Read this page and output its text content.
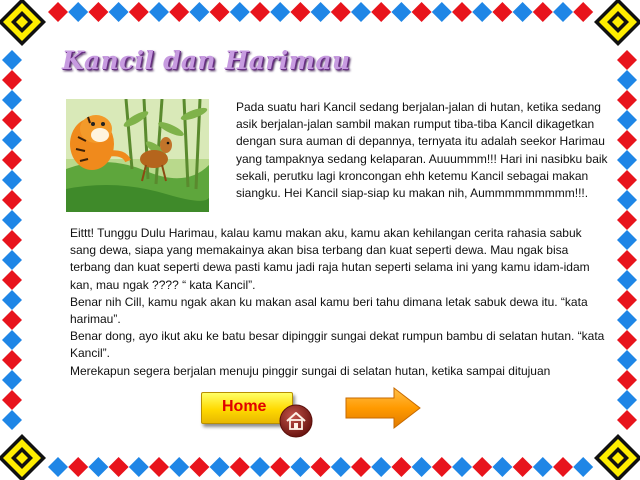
Kancil dan Harimau

Pada suatu hari Kancil sedang berjalan-jalan di hutan, ketika sedang asik berjalan-jalan sambil makan rumput tiba-tiba Kancil dikagetkan dengan sura auman di depannya, ternyata itu adalah seekor Harimau yang tampaknya sedang kelaparan. Auuummm!!! Hari ini nasibku baik sekali, perutku lagi kroncongan ehh ketemu Kancil sebagai makan siangku. Hei Kancil siap-siap ku makan nih, Aummmmmmmmm!!!.

Eittt! Tunggu Dulu Harimau, kalau kamu makan aku, kamu akan kehilangan cerita rahasia sabuk sang dewa, siapa yang memakainya akan bisa terbang dan kuat seperti dewa. Mau ngak bisa terbang dan kuat seperti dewa pasti kamu jadi raja hutan seperti selama ini yang kamu idam-idam kan, mau ngak ???? “ kata Kancil”.

Benar nih Cill, kamu ngak akan ku makan asal kamu beri tahu dimana letak sabuk dewa itu. “kata harimau”.

Benar dong, ayo ikut aku ke batu besar dipinggir sungai dekat rumpun bambu di selatan hutan. “kata Kancil”.

Merekapun segera berjalan menuju pinggir sungai di selatan hutan, ketika sampai ditujuan

Home
